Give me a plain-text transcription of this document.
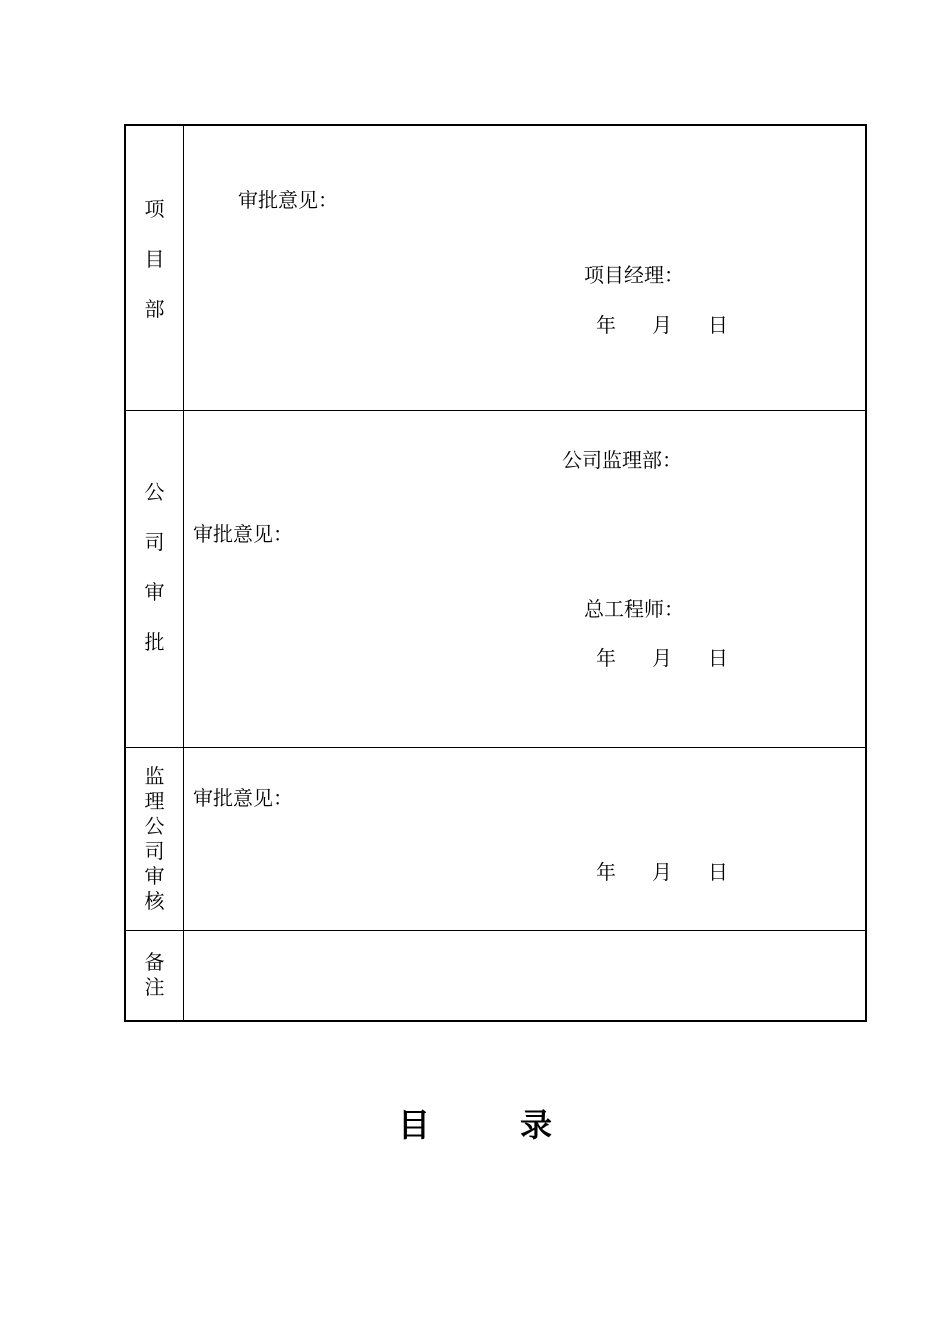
项
目
部
审批意见：
项目经理：
年 月 日
公
司
审
批
公司监理部：
审批意见：
总工程师：
年 月 日
监
理
公
司
审
核
审批意见：
年 月 日
备
注
目	录
